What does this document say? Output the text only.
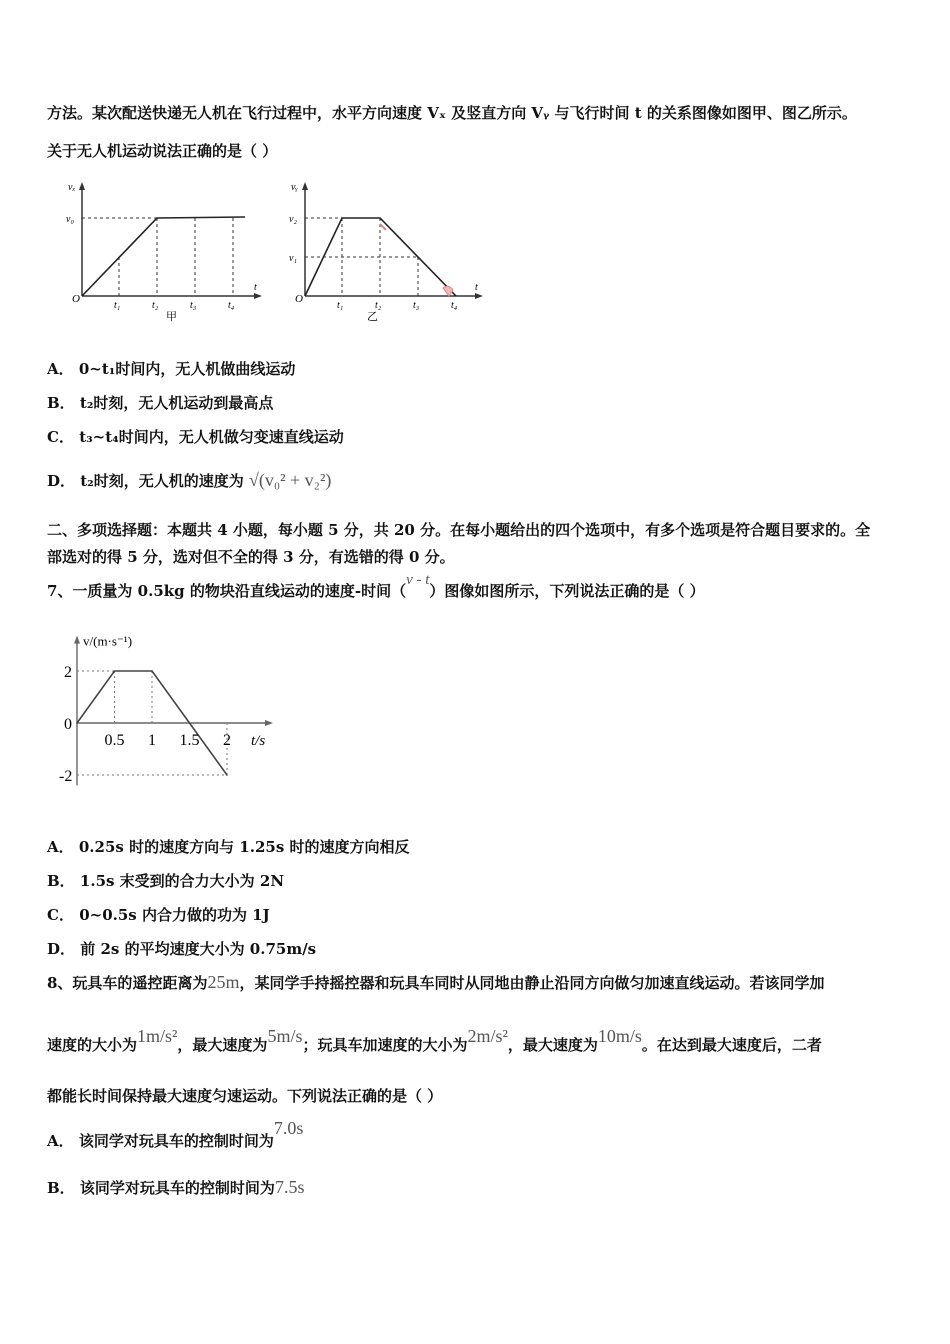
方法。某次配送快递无人机在飞行过程中，水平方向速度 Vₓ 及竖直方向 Vᵧ 与飞行时间 t 的关系图像如图甲、图乙所示。
关于无人机运动说法正确的是（ ）
vₓ
v₀
O
t
t₁	t₂	t₃	t₄
甲
vᵧ
v₂
v₁
O
t
t₁	t₂	t₃	t₄
乙
A． 0~t₁时间内，无人机做曲线运动
B． t₂时刻，无人机运动到最高点
C． t₃~t₄时间内，无人机做匀变速直线运动
D． t₂时刻，无人机的速度为 √(v₀² + v₂²)
二、多项选择题：本题共 4 小题，每小题 5 分，共 20 分。在每小题给出的四个选项中，有多个选项是符合题目要求的。全
部选对的得 5 分，选对但不全的得 3 分，有选错的得 0 分。
7、一质量为 0.5kg 的物块沿直线运动的速度-时间（v - t）图像如图所示，下列说法正确的是（ ）
0.5 1 1.5 2
2
0
-2
v/(m·s⁻¹)
t/s
A． 0.25s 时的速度方向与 1.25s 时的速度方向相反
B． 1.5s 末受到的合力大小为 2N
C． 0~0.5s 内合力做的功为 1J
D． 前 2s 的平均速度大小为 0.75m/s
8、玩具车的遥控距离为25m，某同学手持摇控器和玩具车同时从同地由静止沿同方向做匀加速直线运动。若该同学加
速度的大小为1m/s²，最大速度为5m/s；玩具车加速度的大小为2m/s²，最大速度为10m/s。在达到最大速度后，二者
都能长时间保持最大速度匀速运动。下列说法正确的是（ ）
A． 该同学对玩具车的控制时间为7.0s
B． 该同学对玩具车的控制时间为7.5s
